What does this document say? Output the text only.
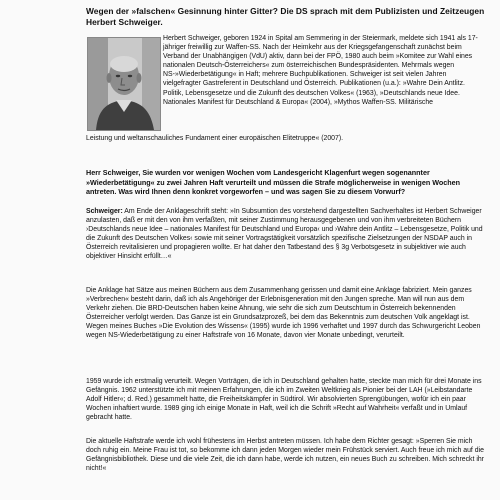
Wegen der »falschen« Gesinnung hinter Gitter? Die DS sprach mit dem Publizisten und Zeitzeugen Herbert Schweiger.
Herbert Schweiger, geboren 1924 in Spital am Semmering in der Steiermark, meldete sich 1941 als 17-jähriger freiwillig zur Waffen-SS. Nach der Heimkehr aus der Kriegsgefangenschaft zunächst beim Verband der Unabhängigen (VdU) aktiv, dann bei der FPÖ, 1980 auch beim »Komitee zur Wahl eines nationalen Deutsch-Österreichers« zum österreichischen Bundespräsidenten. Mehrmals wegen NS-»Wiederbetätigung« in Haft; mehrere Buchpublikationen. Schweiger ist seit vielen Jahren vielgefragter Gastreferent in Deutschland und Österreich. Publikationen (u.a.): »Wahre Dein Antlitz. Politik, Lebensgesetze und die Zukunft des deutschen Volkes« (1963), »Deutschlands neue Idee. Nationales Manifest für Deutschland & Europa« (2004), »Mythos Waffen-SS. Militärische
Leistung und weltanschauliches Fundament einer europäischen Elitetruppe« (2007).
Herr Schweiger, Sie wurden vor wenigen Wochen vom Landesgericht Klagenfurt wegen sogenannter »Wiederbetätigung« zu zwei Jahren Haft verurteilt und müssen die Strafe möglicherweise in wenigen Wochen antreten. Was wird Ihnen denn konkret vorgeworfen – und was sagen Sie zu diesem Vorwurf?

Schweiger: Am Ende der Anklageschrift steht: »In Subsumtion des vorstehend dargestellten Sachverhaltes ist Herbert Schweiger anzulasten, daß er mit den von ihm verfaßten, mit seiner Zustimmung herausgegebenen und von ihm verbreiteten Büchern ›Deutschlands neue Idee – nationales Manifest für Deutschland und Europa‹ und ›Wahre dein Antlitz – Lebensgesetze, Politik und die Zukunft des Deutschen Volkes‹ sowie mit seiner Vortragstätigkeit vorsätzlich spezifische Zielsetzungen der NSDAP auch in Österreich revitalisieren und propagieren wollte. Er hat daher den Tatbestand des § 3g Verbotsgesetz in subjektiver wie auch objektiver Hinsicht erfüllt…«

Die Anklage hat Sätze aus meinen Büchern aus dem Zusammenhang gerissen und damit eine Anklage fabriziert. Mein ganzes »Verbrechen« besteht darin, daß ich als Angehöriger der Erlebnisgeneration mit den Jungen spreche. Man will nun aus dem Verkehr ziehen. Die BRD-Deutschen haben keine Ahnung, wie sehr die sich zum Deutschtum in Österreich bekennenden Österreicher verfolgt werden. Das Ganze ist ein Grundsatzprozeß, bei dem das Bekenntnis zum deutschen Volk angeklagt ist. Wegen meines Buches »Die Evolution des Wissens« (1995) wurde ich 1996 verhaftet und 1997 durch das Schwurgericht Leoben wegen NS-Wiederbetätigung zu einer Haftstrafe von 16 Monate, davon vier Monate unbedingt, verurteilt.

1959 wurde ich erstmalig verurteilt. Wegen Vorträgen, die ich in Deutschland gehalten hatte, steckte man mich für drei Monate ins Gefängnis. 1962 unterstützte ich mit meinen Erfahrungen, die ich im Zweiten Weltkrieg als Pionier bei der LAH (»Leibstandarte Adolf Hitler«; d. Red.) gesammelt hatte, die Freiheitskämpfer in Südtirol. Wir absolvierten Sprengübungen, wofür ich ein paar Wochen inhaftiert wurde. 1989 ging ich einige Monate in Haft, weil ich die Schrift »Recht auf Wahrheit« verfaßt und in Umlauf gebracht hatte.

Die aktuelle Haftstrafe werde ich wohl frühestens im Herbst antreten müssen. Ich habe dem Richter gesagt: »Sperren Sie mich doch ruhig ein. Meine Frau ist tot, so bekomme ich dann jeden Morgen wieder mein Frühstück serviert. Auch freue ich mich auf die Gefängnisbibliothek. Diese und die viele Zeit, die ich dann habe, werde ich nutzen, ein neues Buch zu schreiben. Mich schreckt ihr nicht!«
